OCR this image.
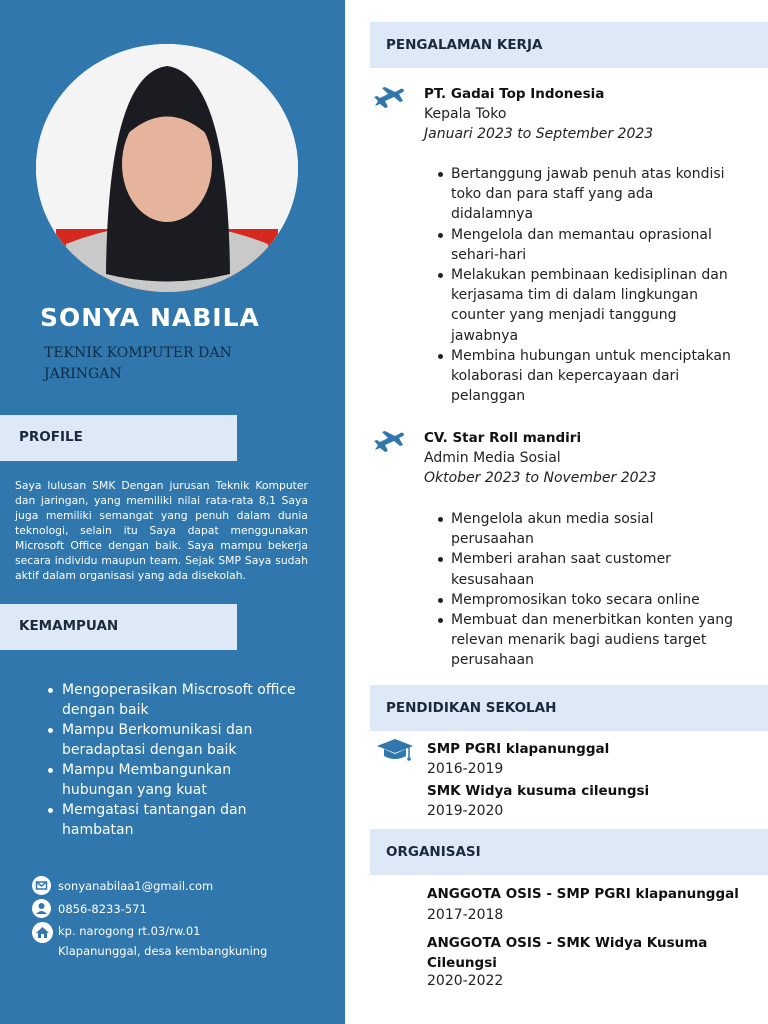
SONYA NABILA
TEKNIK KOMPUTER DAN JARINGAN
PROFILE

Saya lulusan SMK Dengan jurusan Teknik Komputer dan jaringan, yang memiliki nilai rata-rata 8,1 Saya juga memiliki semangat yang penuh dalam dunia teknologi, selain itu Saya dapat menggunakan Microsoft Office dengan baik. Saya mampu bekerja secara individu maupun team. Sejak SMP Saya sudah aktif dalam organisasi yang ada disekolah.

KEMAMPUAN
Mengoperasikan Miscrosoft office dengan baik
Mampu Berkomunikasi dan beradaptasi dengan baik
Mampu Membangunkan hubungan yang kuat
Memgatasi tantangan dan hambatan
sonyanabilaa1@gmail.com
0856-8233-571
kp. narogong rt.03/rw.01
Klapanunggal, desa kembangkuning
PENGALAMAN KERJA
PT. Gadai Top Indonesia
Kepala Toko
Januari 2023 to September 2023
Bertanggung jawab penuh atas kondisi toko dan para staff yang ada didalamnya
Mengelola dan memantau oprasional sehari-hari
Melakukan pembinaan kedisiplinan dan kerjasama tim di dalam lingkungan counter yang menjadi tanggung jawabnya
Membina hubungan untuk menciptakan kolaborasi dan kepercayaan dari pelanggan
CV. Star Roll mandiri
Admin Media Sosial
Oktober 2023 to November 2023
Mengelola akun media sosial perusaahan
Memberi arahan saat customer kesusahaan
Mempromosikan toko secara online
Membuat dan menerbitkan konten yang relevan menarik bagi audiens target perusahaan
PENDIDIKAN SEKOLAH
SMP PGRI klapanunggal
2016-2019
SMK Widya kusuma cileungsi
2019-2020
ORGANISASI
ANGGOTA OSIS - SMP PGRI klapanunggal
2017-2018
ANGGOTA OSIS - SMK Widya Kusuma Cileungsi
2020-2022
